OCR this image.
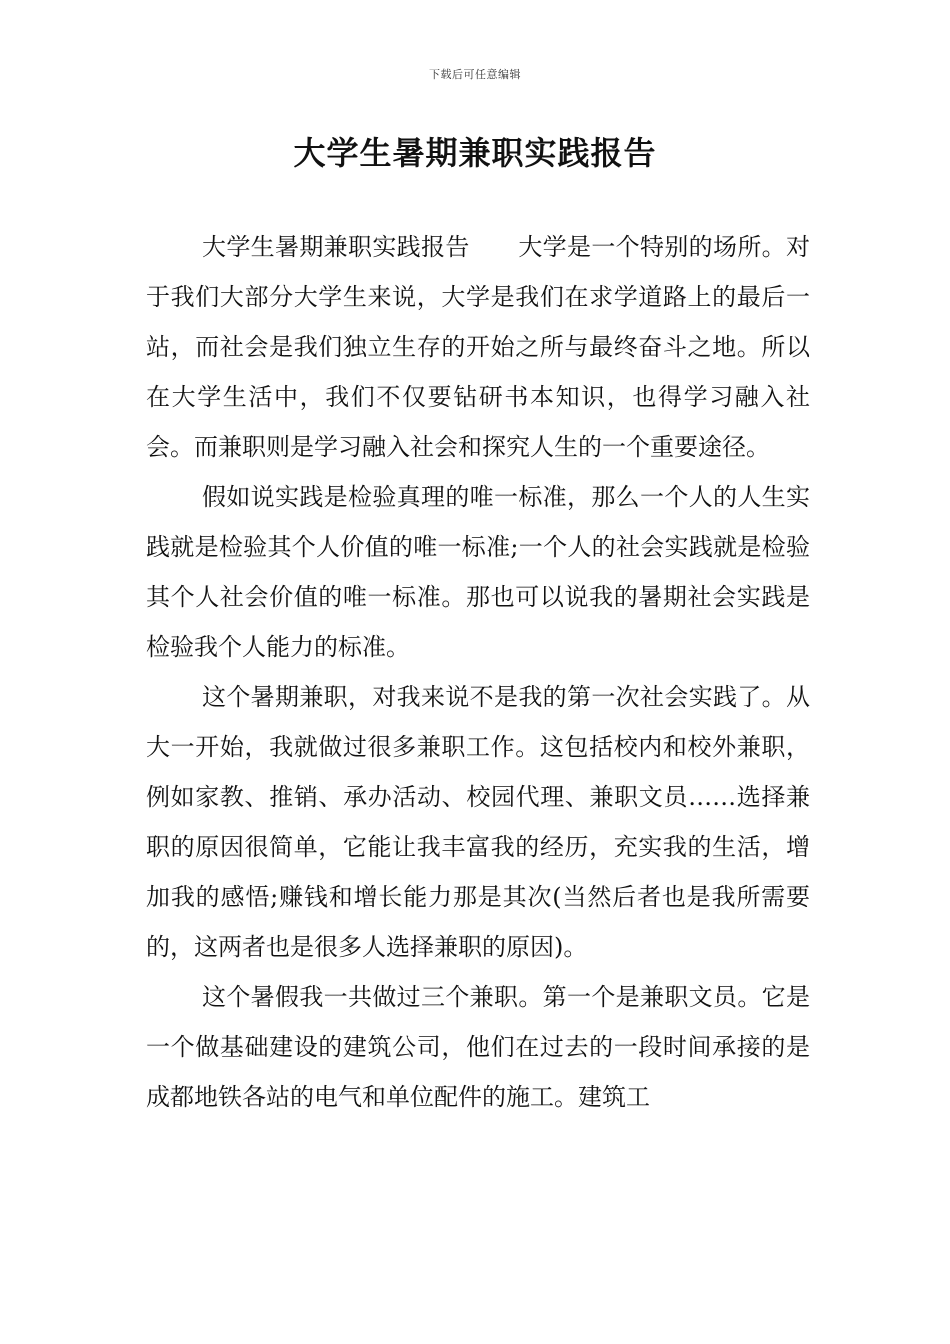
下载后可任意编辑
大学生暑期兼职实践报告

大学生暑期兼职实践报告　　大学是一个特别的场所。对于我们大部分大学生来说，大学是我们在求学道路上的最后一站，而社会是我们独立生存的开始之所与最终奋斗之地。所以在大学生活中，我们不仅要钻研书本知识，也得学习融入社会。而兼职则是学习融入社会和探究人生的一个重要途径。

假如说实践是检验真理的唯一标准，那么一个人的人生实践就是检验其个人价值的唯一标准;一个人的社会实践就是检验其个人社会价值的唯一标准。那也可以说我的暑期社会实践是检验我个人能力的标准。

这个暑期兼职，对我来说不是我的第一次社会实践了。从大一开始，我就做过很多兼职工作。这包括校内和校外兼职，例如家教、推销、承办活动、校园代理、兼职文员……选择兼职的原因很简单，它能让我丰富我的经历，充实我的生活，增加我的感悟;赚钱和增长能力那是其次(当然后者也是我所需要的，这两者也是很多人选择兼职的原因)。

这个暑假我一共做过三个兼职。第一个是兼职文员。它是一个做基础建设的建筑公司，他们在过去的一段时间承接的是成都地铁各站的电气和单位配件的施工。建筑工
